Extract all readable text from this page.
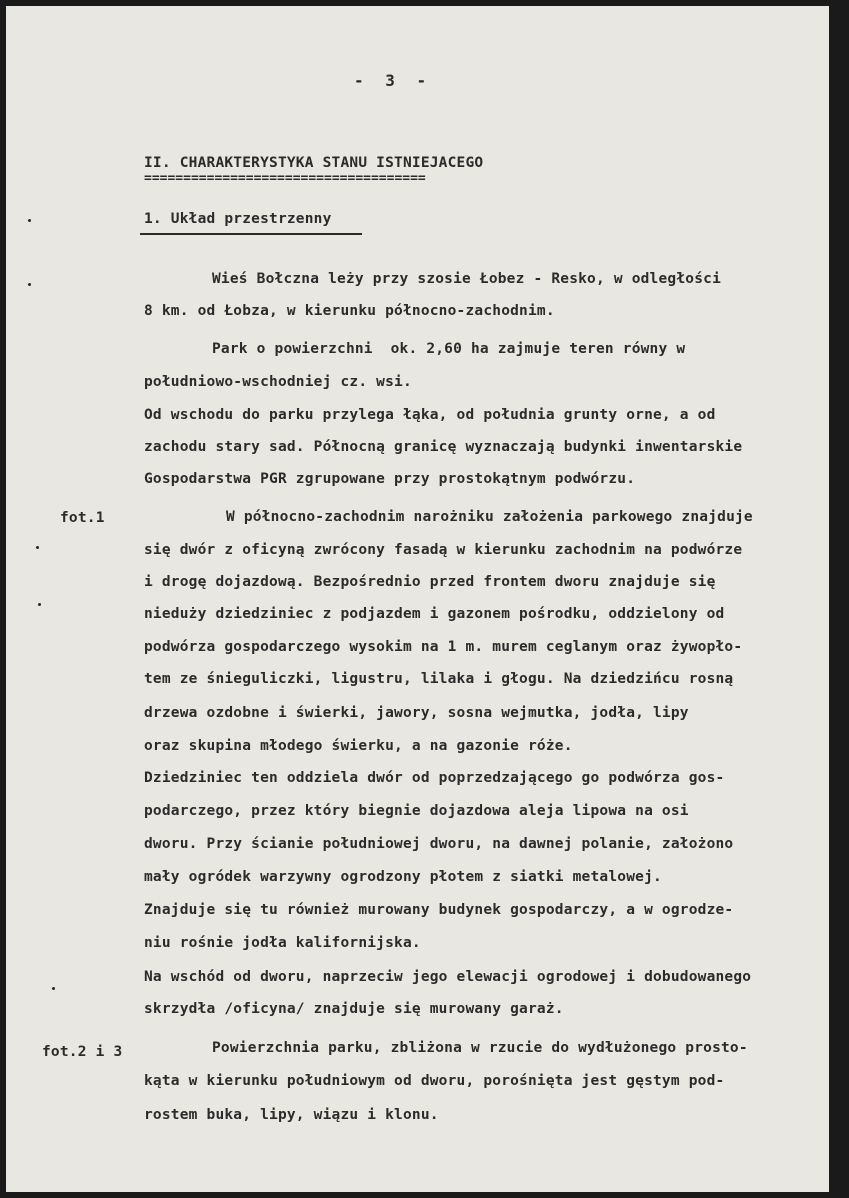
- 3 -
II. CHARAKTERYSTYKA STANU ISTNIEJACEGO
====================================
1. Układ przestrzenny
fot.1
fot.2 i 3
Wieś Bołczna leży przy szosie Łobez - Resko, w odległości
8 km. od Łobza, w kierunku północno-zachodnim.
Park o powierzchni  ok. 2,60 ha zajmuje teren równy w
południowo-wschodniej cz. wsi.
Od wschodu do parku przylega łąka, od południa grunty orne, a od
zachodu stary sad. Północną granicę wyznaczają budynki inwentarskie
Gospodarstwa PGR zgrupowane przy prostokątnym podwórzu.
W północno-zachodnim narożniku założenia parkowego znajduje
się dwór z oficyną zwrócony fasadą w kierunku zachodnim na podwórze
i drogę dojazdową. Bezpośrednio przed frontem dworu znajduje się
nieduży dziedziniec z podjazdem i gazonem pośrodku, oddzielony od
podwórza gospodarczego wysokim na 1 m. murem ceglanym oraz żywopło-
tem ze śnieguliczki, ligustru, lilaka i głogu. Na dziedzińcu rosną
drzewa ozdobne i świerki, jawory, sosna wejmutka, jodła, lipy
oraz skupina młodego świerku, a na gazonie róże.
Dziedziniec ten oddziela dwór od poprzedzającego go podwórza gos-
podarczego, przez który biegnie dojazdowa aleja lipowa na osi
dworu. Przy ścianie południowej dworu, na dawnej polanie, założono
mały ogródek warzywny ogrodzony płotem z siatki metalowej.
Znajduje się tu również murowany budynek gospodarczy, a w ogrodze-
niu rośnie jodła kalifornijska.
Na wschód od dworu, naprzeciw jego elewacji ogrodowej i dobudowanego
skrzydła /oficyna/ znajduje się murowany garaż.
Powierzchnia parku, zbliżona w rzucie do wydłużonego prosto-
kąta w kierunku południowym od dworu, porośnięta jest gęstym pod-
rostem buka, lipy, wiązu i klonu.
